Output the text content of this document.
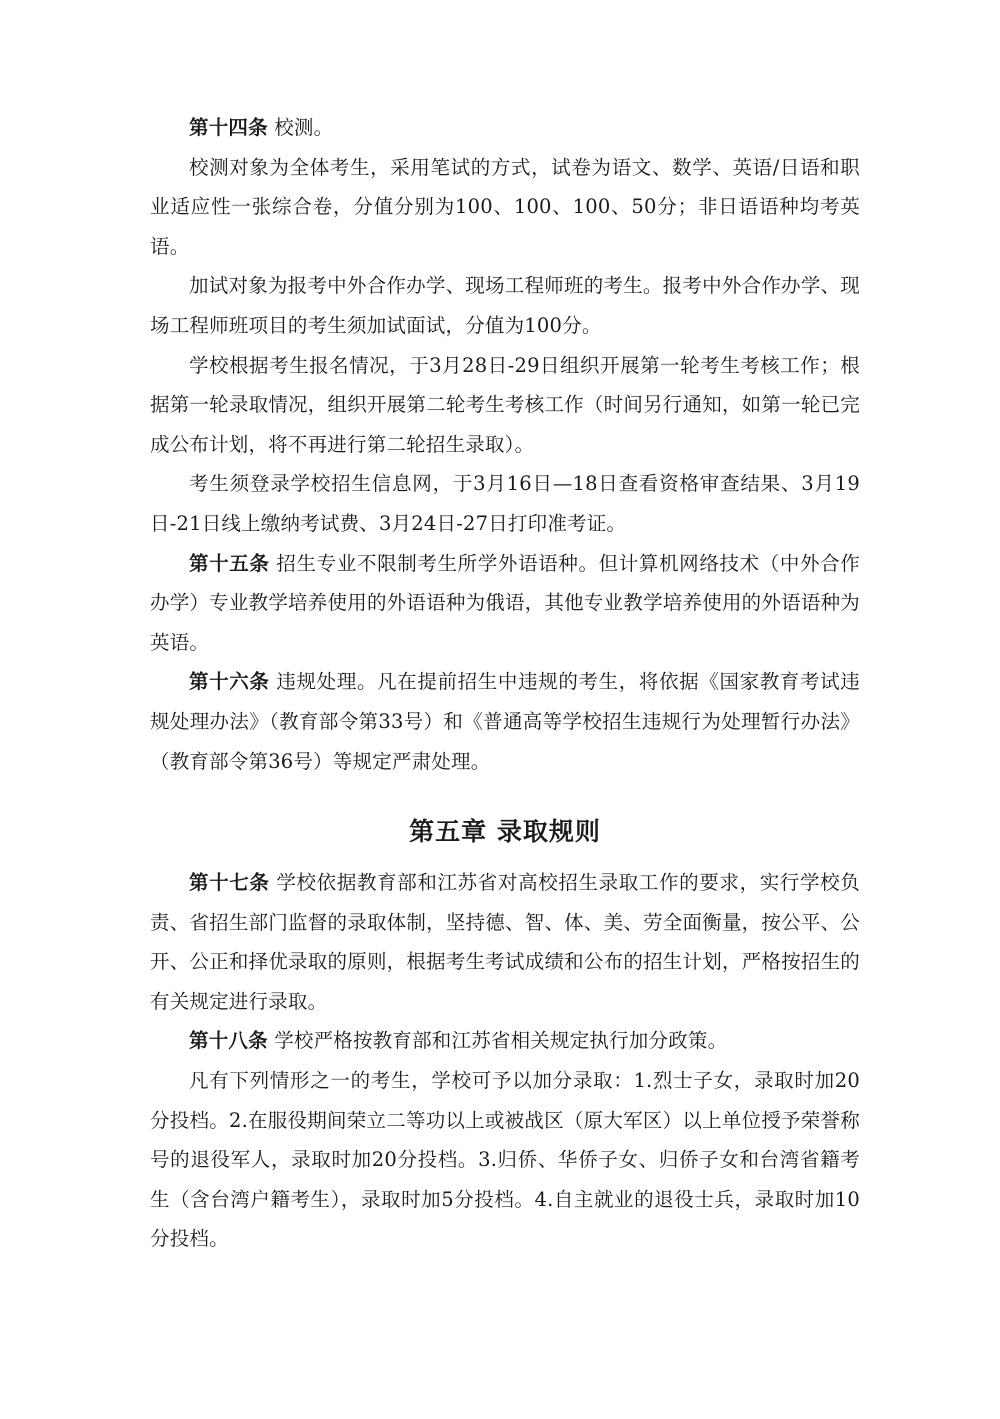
第十四条 校测。

校测对象为全体考生，采用笔试的方式，试卷为语文、数学、英语/日语和职业适应性一张综合卷，分值分别为100、100、100、50分；非日语语种均考英语。

加试对象为报考中外合作办学、现场工程师班的考生。报考中外合作办学、现场工程师班项目的考生须加试面试，分值为100分。

学校根据考生报名情况，于3月28日-29日组织开展第一轮考生考核工作；根据第一轮录取情况，组织开展第二轮考生考核工作（时间另行通知，如第一轮已完成公布计划，将不再进行第二轮招生录取）。

考生须登录学校招生信息网，于3月16日—18日查看资格审查结果、3月19日-21日线上缴纳考试费、3月24日-27日打印准考证。

第十五条 招生专业不限制考生所学外语语种。但计算机网络技术（中外合作办学）专业教学培养使用的外语语种为俄语，其他专业教学培养使用的外语语种为英语。

第十六条 违规处理。凡在提前招生中违规的考生，将依据《国家教育考试违规处理办法》（教育部令第33号）和《普通高等学校招生违规行为处理暂行办法》（教育部令第36号）等规定严肃处理。

第五章 录取规则

第十七条 学校依据教育部和江苏省对高校招生录取工作的要求，实行学校负责、省招生部门监督的录取体制，坚持德、智、体、美、劳全面衡量，按公平、公开、公正和择优录取的原则，根据考生考试成绩和公布的招生计划，严格按招生的有关规定进行录取。

第十八条 学校严格按教育部和江苏省相关规定执行加分政策。

凡有下列情形之一的考生，学校可予以加分录取：1.烈士子女，录取时加20分投档。2.在服役期间荣立二等功以上或被战区（原大军区）以上单位授予荣誉称号的退役军人，录取时加20分投档。3.归侨、华侨子女、归侨子女和台湾省籍考生（含台湾户籍考生），录取时加5分投档。4.自主就业的退役士兵，录取时加10分投档。
